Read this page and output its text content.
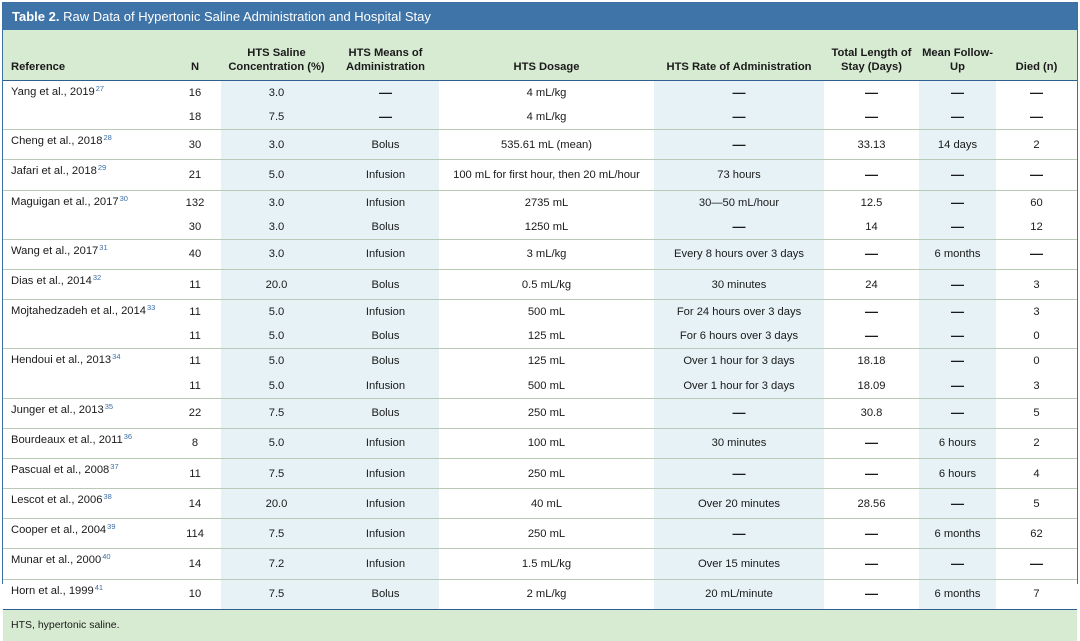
Table 2. Raw Data of Hypertonic Saline Administration and Hospital Stay
Reference	N	HTS Saline Concentration (%)	HTS Means of Administration	HTS Dosage	HTS Rate of Administration	Total Length of Stay (Days)	Mean Follow-Up	Died (n)
Yang et al., 2019$^{27}$	16	3.0	—	4 mL/kg	—	—	—	—
	18	7.5	—	4 mL/kg	—	—	—	—
Cheng et al., 2018$^{28}$	30	3.0	Bolus	535.61 mL (mean)	—	33.13	14 days	2
Jafari et al., 2018$^{29}$	21	5.0	Infusion	100 mL for first hour, then 20 mL/hour	73 hours	—	—	—
Maguigan et al., 2017$^{30}$	132	3.0	Infusion	2735 mL	30—50 mL/hour	12.5	—	60
	30	3.0	Bolus	1250 mL	—	14	—	12
Wang et al., 2017$^{31}$	40	3.0	Infusion	3 mL/kg	Every 8 hours over 3 days	—	6 months	—
Dias et al., 2014$^{32}$	11	20.0	Bolus	0.5 mL/kg	30 minutes	24	—	3
Mojtahedzadeh et al., 2014$^{33}$	11	5.0	Infusion	500 mL	For 24 hours over 3 days	—	—	3
	11	5.0	Bolus	125 mL	For 6 hours over 3 days	—	—	0
Hendoui et al., 2013$^{34}$	11	5.0	Bolus	125 mL	Over 1 hour for 3 days	18.18	—	0
	11	5.0	Infusion	500 mL	Over 1 hour for 3 days	18.09	—	3
Junger et al., 2013$^{35}$	22	7.5	Bolus	250 mL	—	30.8	—	5
Bourdeaux et al., 2011$^{36}$	8	5.0	Infusion	100 mL	30 minutes	—	6 hours	2
Pascual et al., 2008$^{37}$	11	7.5	Infusion	250 mL	—	—	6 hours	4
Lescot et al., 2006$^{38}$	14	20.0	Infusion	40 mL	Over 20 minutes	28.56	—	5
Cooper et al., 2004$^{39}$	114	7.5	Infusion	250 mL	—	—	6 months	62
Munar et al., 2000$^{40}$	14	7.2	Infusion	1.5 mL/kg	Over 15 minutes	—	—	—
Horn et al., 1999$^{41}$	10	7.5	Bolus	2 mL/kg	20 mL/minute	—	6 months	7
HTS, hypertonic saline.
